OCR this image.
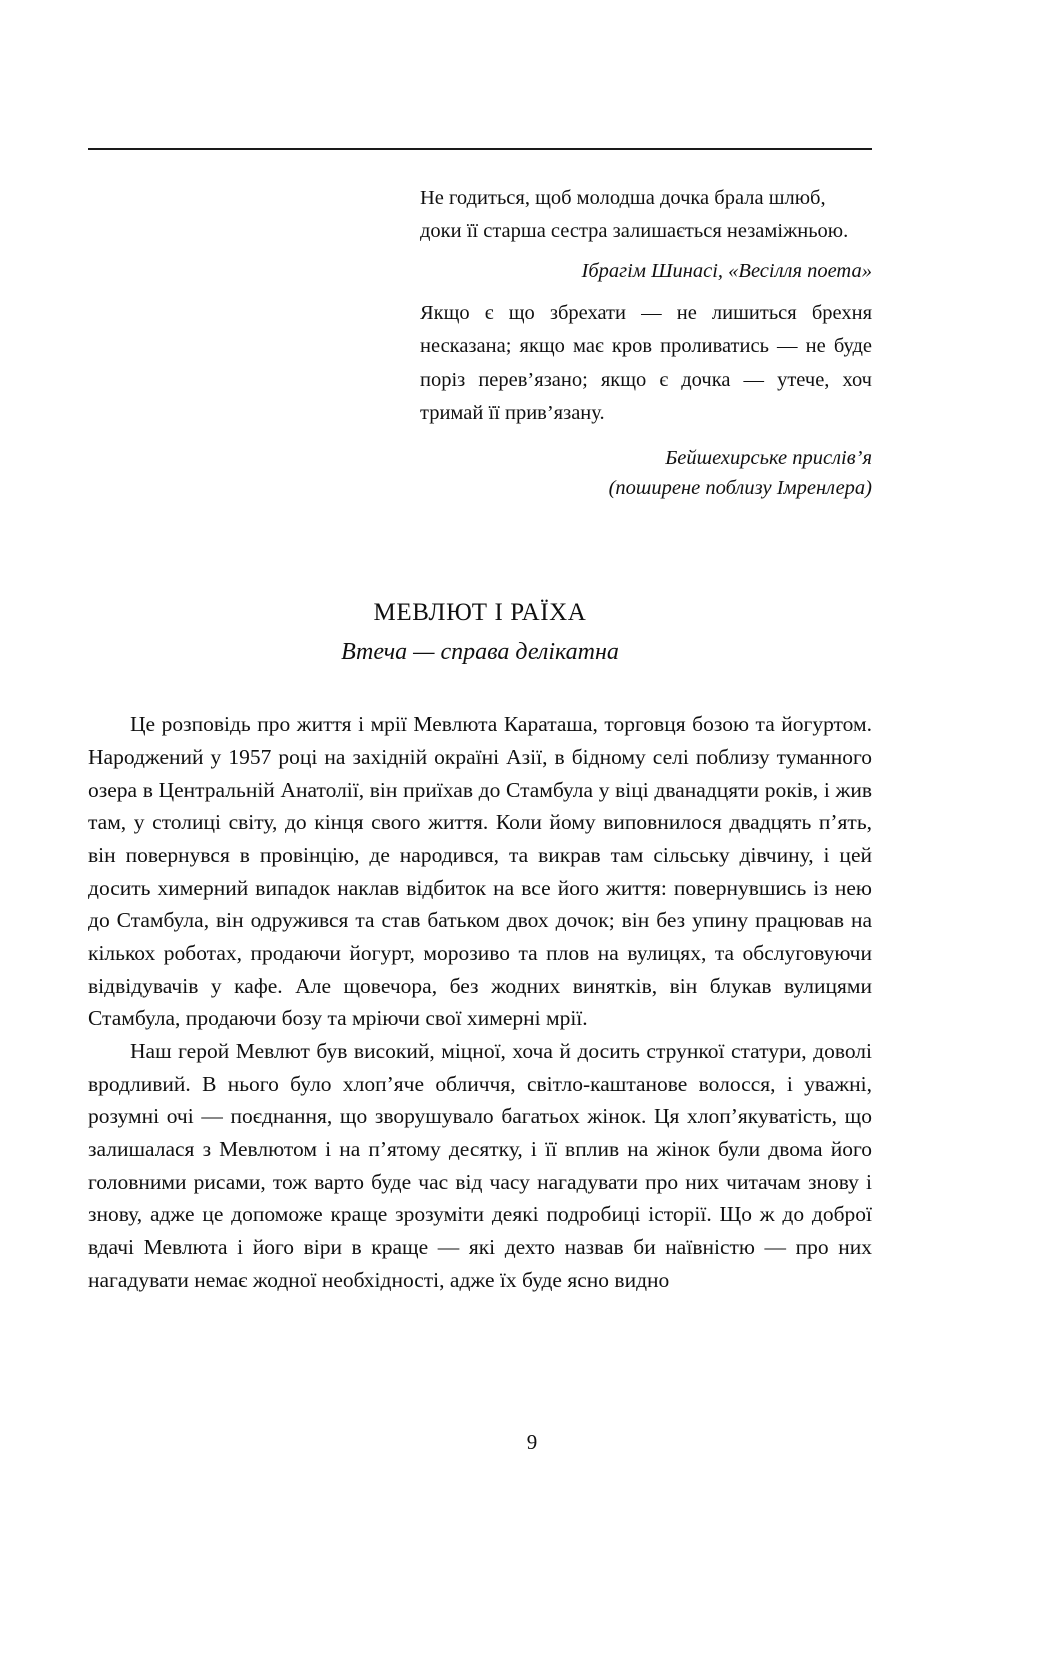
Не годиться, щоб молодша дочка брала шлюб, доки її старша сестра залишається незаміжньою.

Ібрагім Шинасі, «Весілля поета»

Якщо є що збрехати — не лишиться брехня несказана; якщо має кров проливатись — не буде поріз перев’язано; якщо є дочка — утече, хоч тримай її прив’язану.

Бейшехирське прислів’я
(поширене поблизу Імренлера)

МЕВЛЮТ І РАЇХА
Втеча — справа делікатна

Це розповідь про життя і мрії Мевлюта Караташа, торговця бозою та йогуртом. Народжений у 1957 році на західній окраїні Азії, в бідному селі поблизу туманного озера в Центральній Анатолії, він приїхав до Стамбула у віці дванадцяти років, і жив там, у столиці світу, до кінця свого життя. Коли йому виповнилося двадцять п’ять, він повернувся в провінцію, де народився, та викрав там сільську дівчину, і цей досить химерний випадок наклав відбиток на все його життя: повернувшись із нею до Стамбула, він одружився та став батьком двох дочок; він без упину працював на кількох роботах, продаючи йогурт, морозиво та плов на вулицях, та обслуговуючи відвідувачів у кафе. Але щовечора, без жодних винятків, він блукав вулицями Стамбула, продаючи бозу та мріючи свої химерні мрії.

Наш герой Мевлют був високий, міцної, хоча й досить стрункої статури, доволі вродливий. В нього було хлоп’яче обличчя, світло-каштанове волосся, і уважні, розумні очі — поєднання, що зворушувало багатьох жінок. Ця хлоп’якуватість, що залишалася з Мевлютом і на п’ятому десятку, і її вплив на жінок були двома його головними рисами, тож варто буде час від часу нагадувати про них читачам знову і знову, адже це допоможе краще зрозуміти деякі подробиці історії. Що ж до доброї вдачі Мевлюта і його віри в краще — які дехто назвав би наївністю — про них нагадувати немає жодної необхідності, адже їх буде ясно видно

9
